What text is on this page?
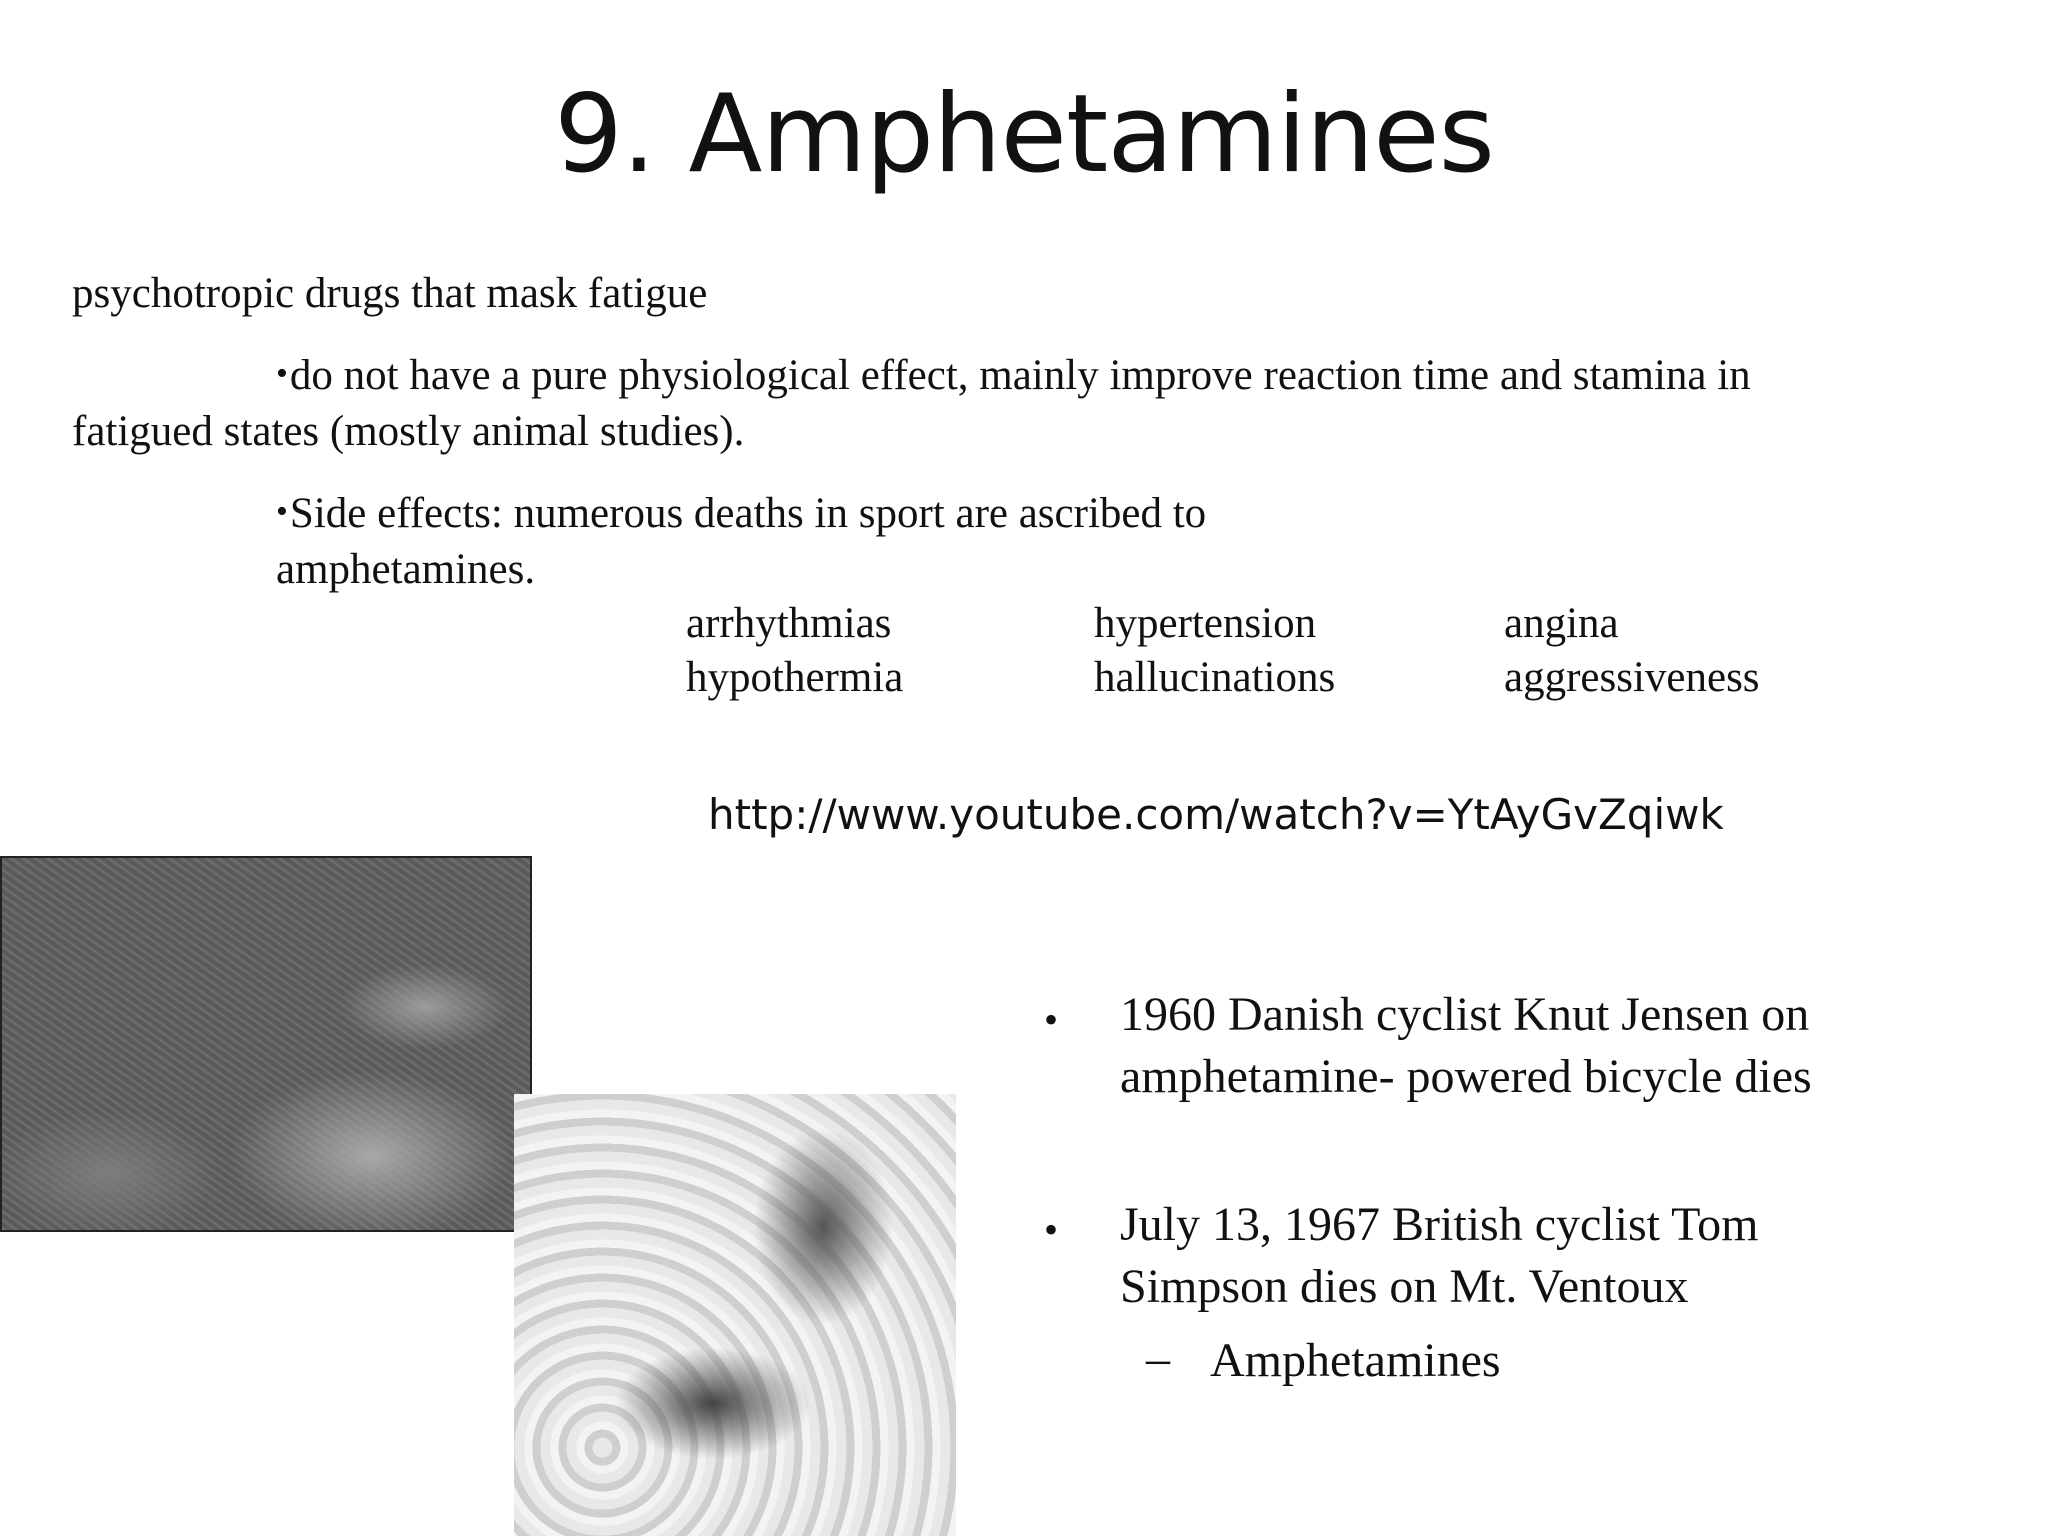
9. Amphetamines
psychotropic drugs that mask fatigue
•do not have a pure physiological effect, mainly improve reaction time and stamina in
fatigued states (mostly animal studies).
•Side effects: numerous deaths in sport are ascribed to
amphetamines.
arrhythmias	hypertension	angina
hypothermia	hallucinations	aggressiveness
http://www.youtube.com/watch?v=YtAyGvZqiwk
• 1960 Danish cyclist Knut Jensen on
amphetamine- powered bicycle dies
• July 13, 1967 British cyclist Tom
Simpson dies on Mt. Ventoux
– Amphetamines
